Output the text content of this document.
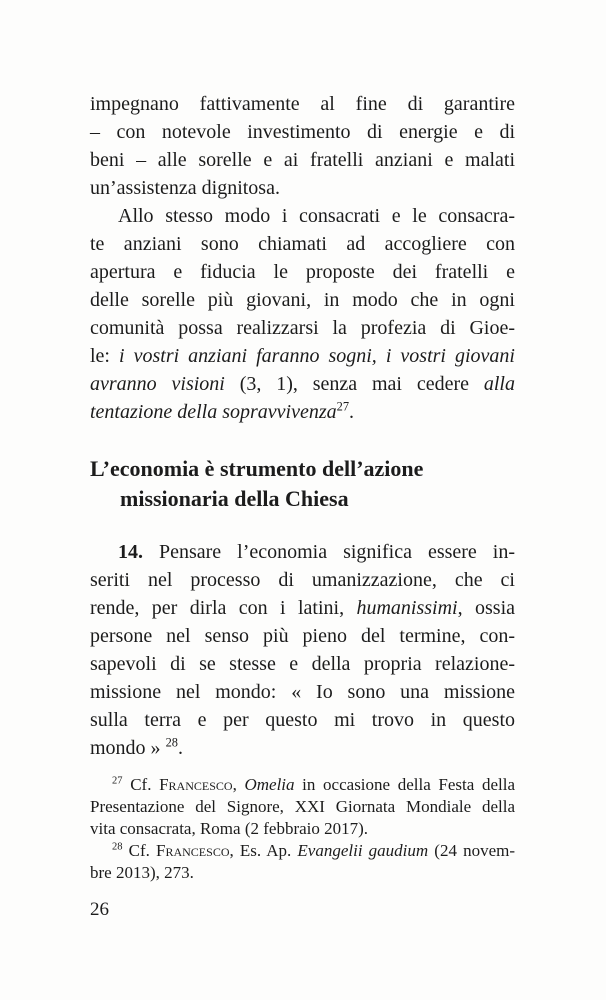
impegnano fattivamente al fine di garantire
– con notevole investimento di energie e di
beni – alle sorelle e ai fratelli anziani e malati
un’assistenza dignitosa.
Allo stesso modo i consacrati e le consacra-
te anziani sono chiamati ad accogliere con
apertura e fiducia le proposte dei fratelli e
delle sorelle più giovani, in modo che in ogni
comunità possa realizzarsi la profezia di Gioe-
le: i vostri anziani faranno sogni, i vostri giovani
avranno visioni (3, 1), senza mai cedere alla
tentazione della sopravvivenza$^{27}$.
L’economia è strumento dell’azione
missionaria della Chiesa
14. Pensare l’economia significa essere in-
seriti nel processo di umanizzazione, che ci
rende, per dirla con i latini, humanissimi, ossia
persone nel senso più pieno del termine, con-
sapevoli di se stesse e della propria relazione-
missione nel mondo: « Io sono una missione
sulla terra e per questo mi trovo in questo
mondo » $^{28}$.
$^{27}$ Cf. Francesco, Omelia in occasione della Festa della
Presentazione del Signore, XXI Giornata Mondiale della
vita consacrata, Roma (2 febbraio 2017).
$^{28}$ Cf. Francesco, Es. Ap. Evangelii gaudium (24 novem-
bre 2013), 273.
26
